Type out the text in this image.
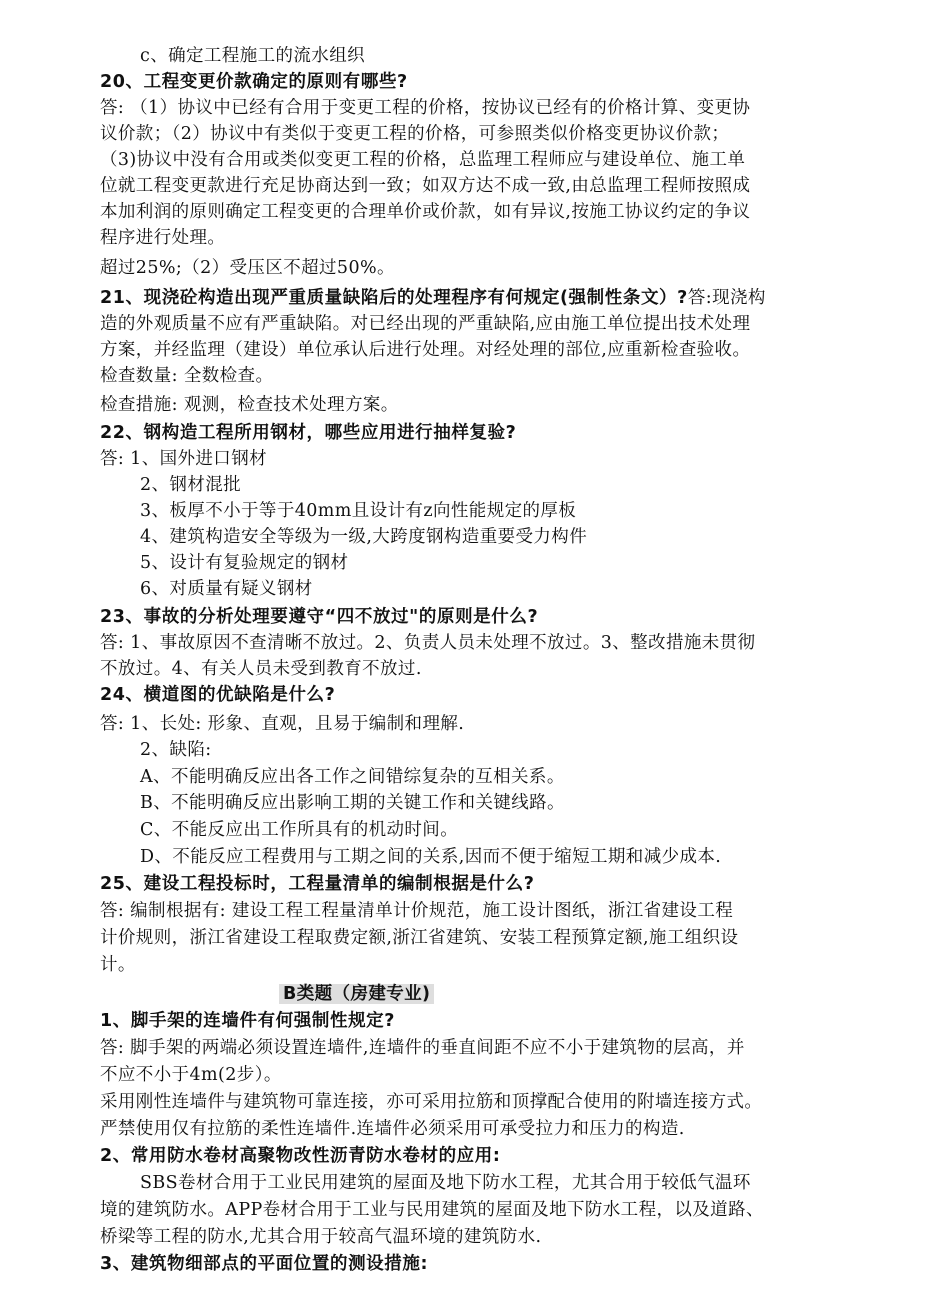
c、确定工程施工的流水组织
20、工程变更价款确定的原则有哪些?
答: （1）协议中已经有合用于变更工程的价格，按协议已经有的价格计算、变更协
议价款；（2）协议中有类似于变更工程的价格，可参照类似价格变更协议价款；
（3)协议中没有合用或类似变更工程的价格，总监理工程师应与建设单位、施工单
位就工程变更款进行充足协商达到一致；如双方达不成一致,由总监理工程师按照成
本加利润的原则确定工程变更的合理单价或价款，如有异议,按施工协议约定的争议
程序进行处理。
超过25%;（2）受压区不超过50%。
21、现浇砼构造出现严重质量缺陷后的处理程序有何规定(强制性条文）?答:现浇构
造的外观质量不应有严重缺陷。对已经出现的严重缺陷,应由施工单位提出技术处理
方案，并经监理（建设）单位承认后进行处理。对经处理的部位,应重新检查验收。
检查数量: 全数检查。
检查措施: 观测，检查技术处理方案。
22、钢构造工程所用钢材，哪些应用进行抽样复验?
答: 1、国外进口钢材
2、钢材混批
3、板厚不小于等于40mm且设计有z向性能规定的厚板
4、建筑构造安全等级为一级,大跨度钢构造重要受力构件
5、设计有复验规定的钢材
6、对质量有疑义钢材
23、事故的分析处理要遵守“四不放过"的原则是什么?
答: 1、事故原因不查清晰不放过。2、负责人员未处理不放过。3、整改措施未贯彻
不放过。4、有关人员未受到教育不放过.
24、横道图的优缺陷是什么?
答: 1、长处: 形象、直观，且易于编制和理解.
2、缺陷:
A、不能明确反应出各工作之间错综复杂的互相关系。
B、不能明确反应出影响工期的关键工作和关键线路。
C、不能反应出工作所具有的机动时间。
D、不能反应工程费用与工期之间的关系,因而不便于缩短工期和减少成本.
25、建设工程投标时，工程量清单的编制根据是什么?
答: 编制根据有: 建设工程工程量清单计价规范，施工设计图纸，浙江省建设工程
计价规则，浙江省建设工程取费定额,浙江省建筑、安装工程预算定额,施工组织设
计。
B类题（房建专业)
1、脚手架的连墙件有何强制性规定?
答: 脚手架的两端必须设置连墙件,连墙件的垂直间距不应不小于建筑物的层高，并
不应不小于4m(2步）。
采用刚性连墙件与建筑物可靠连接，亦可采用拉筋和顶撑配合使用的附墙连接方式。
严禁使用仅有拉筋的柔性连墙件.连墙件必须采用可承受拉力和压力的构造.
2、常用防水卷材高聚物改性沥青防水卷材的应用:
SBS卷材合用于工业民用建筑的屋面及地下防水工程，尤其合用于较低气温环
境的建筑防水。APP卷材合用于工业与民用建筑的屋面及地下防水工程，以及道路、
桥梁等工程的防水,尤其合用于较高气温环境的建筑防水.
3、建筑物细部点的平面位置的测设措施:
